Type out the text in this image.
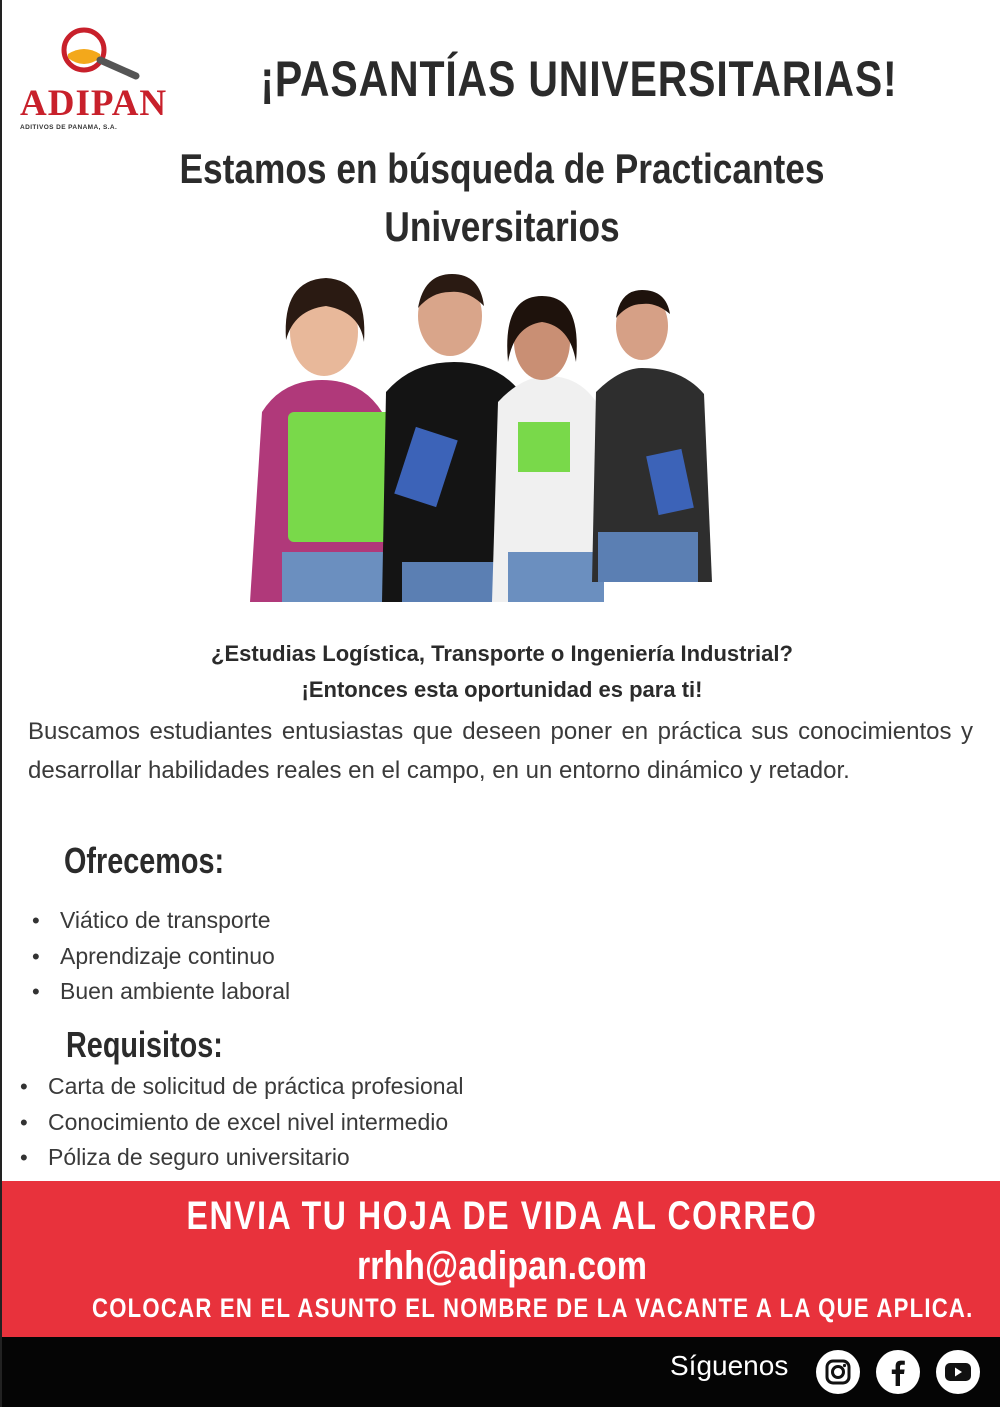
ADIPAN
ADITIVOS DE PANAMA, S.A.
¡PASANTÍAS UNIVERSITARIAS!
Estamos en búsqueda de Practicantes
Universitarios
¿Estudias Logística, Transporte o Ingeniería Industrial?
¡Entonces esta oportunidad es para ti!
Buscamos estudiantes entusiastas que deseen poner en práctica sus conocimientos y desarrollar habilidades reales en el campo, en un entorno dinámico y retador.
Ofrecemos:
• Viático de transporte
• Aprendizaje continuo
• Buen ambiente laboral
Requisitos:
• Carta de solicitud de práctica profesional
• Conocimiento de excel nivel intermedio
• Póliza de seguro universitario
ENVIA TU HOJA DE VIDA AL CORREO
rrhh@adipan.com
COLOCAR EN EL ASUNTO EL NOMBRE DE LA VACANTE A LA QUE APLICA.
Síguenos
